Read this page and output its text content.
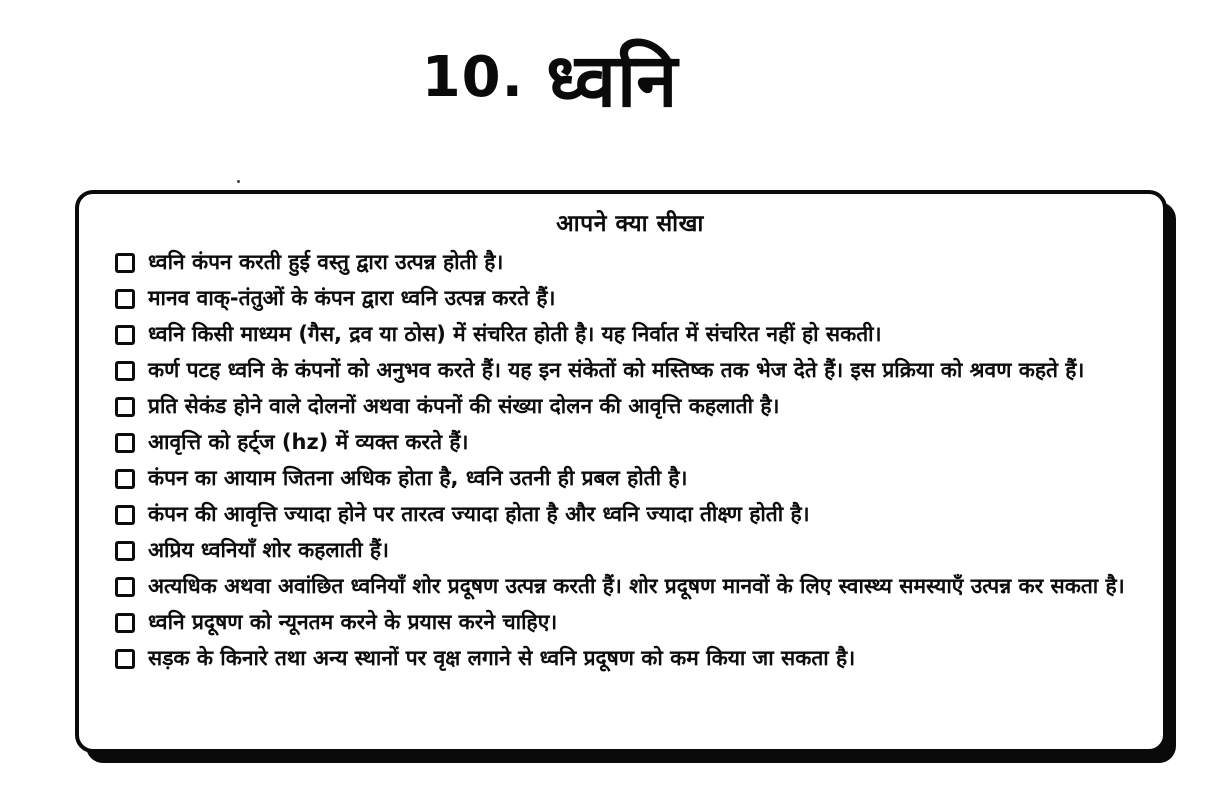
10. ध्वनि
आपने क्या सीखा
ध्वनि कंपन करती हुई वस्तु द्वारा उत्पन्न होती है।
मानव वाक्-तंतुओं के कंपन द्वारा ध्वनि उत्पन्न करते हैं।
ध्वनि किसी माध्यम (गैस, द्रव या ठोस) में संचरित होती है। यह निर्वात में संचरित नहीं हो सकती।
कर्ण पटह ध्वनि के कंपनों को अनुभव करते हैं। यह इन संकेतों को मस्तिष्क तक भेज देते हैं। इस प्रक्रिया को श्रवण कहते हैं।
प्रति सेकंड होने वाले दोलनों अथवा कंपनों की संख्या दोलन की आवृत्ति कहलाती है।
आवृत्ति को हर्ट्ज (hz) में व्यक्त करते हैं।
कंपन का आयाम जितना अधिक होता है, ध्वनि उतनी ही प्रबल होती है।
कंपन की आवृत्ति ज्यादा होने पर तारत्व ज्यादा होता है और ध्वनि ज्यादा तीक्ष्ण होती है।
अप्रिय ध्वनियाँ शोर कहलाती हैं।
अत्यधिक अथवा अवांछित ध्वनियाँ शोर प्रदूषण उत्पन्न करती हैं। शोर प्रदूषण मानवों के लिए स्वास्थ्य समस्याएँ उत्पन्न कर सकता है।
ध्वनि प्रदूषण को न्यूनतम करने के प्रयास करने चाहिए।
सड़क के किनारे तथा अन्य स्थानों पर वृक्ष लगाने से ध्वनि प्रदूषण को कम किया जा सकता है।
